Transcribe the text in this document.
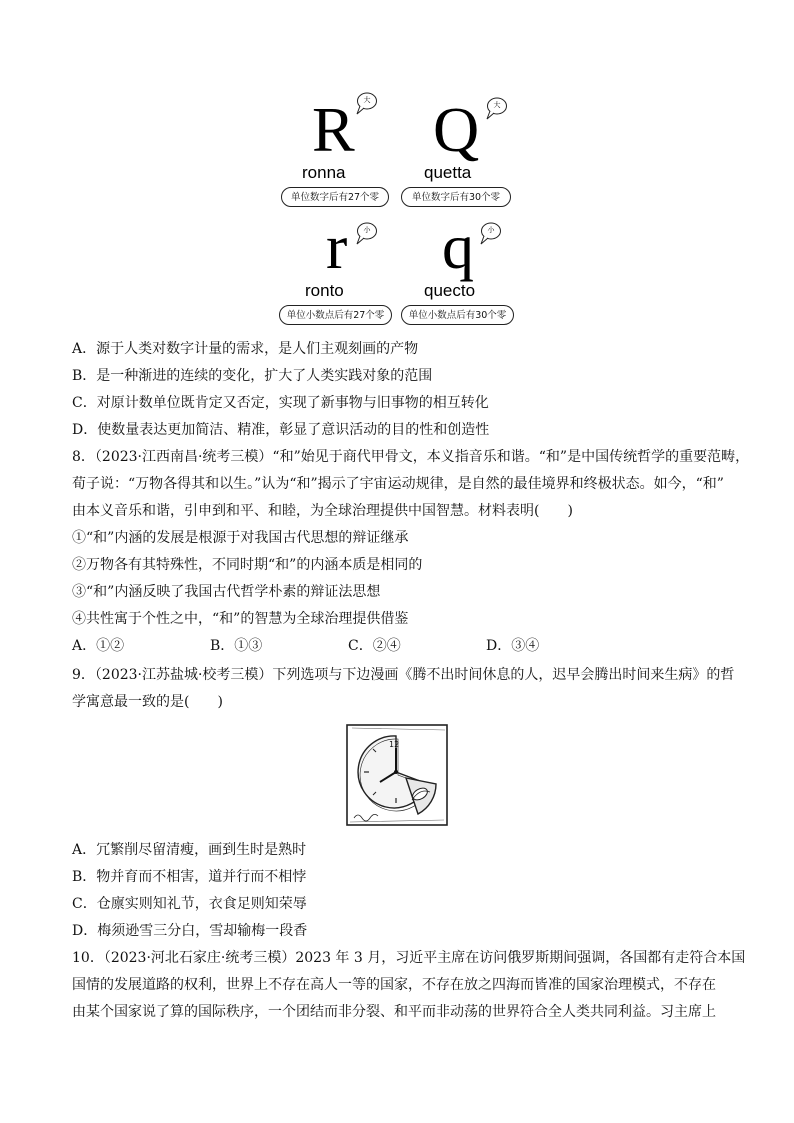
R	大
ronna
单位数字后有27个零
Q	大
quetta
单位数字后有30个零
r	小
ronto
单位小数点后有27个零
q	小
quecto
单位小数点后有30个零
A．源于人类对数字计量的需求，是人们主观刻画的产物
B．是一种渐进的连续的变化，扩大了人类实践对象的范围
C．对原计数单位既肯定又否定，实现了新事物与旧事物的相互转化
D．使数量表达更加简洁、精准，彰显了意识活动的目的性和创造性
8．（2023·江西南昌·统考三模）“和”始见于商代甲骨文，本义指音乐和谐。“和”是中国传统哲学的重要范畴，
荀子说：“万物各得其和以生。”认为“和”揭示了宇宙运动规律，是自然的最佳境界和终极状态。如今，“和”
由本义音乐和谐，引申到和平、和睦，为全球治理提供中国智慧。材料表明(　　)
①“和”内涵的发展是根源于对我国古代思想的辩证继承
②万物各有其特殊性，不同时期“和”的内涵本质是相同的
③“和”内涵反映了我国古代哲学朴素的辩证法思想
④共性寓于个性之中，“和”的智慧为全球治理提供借鉴
A．①②	B．①③	C．②④	D．③④
9．（2023·江苏盐城·校考三模）下列选项与下边漫画《腾不出时间休息的人，迟早会腾出时间来生病》的哲
学寓意最一致的是(　　)
12
A．冗繁削尽留清瘦，画到生时是熟时
B．物并育而不相害，道并行而不相悖
C．仓廪实则知礼节，衣食足则知荣辱
D．梅须逊雪三分白，雪却输梅一段香
10．（2023·河北石家庄·统考三模）2023 年 3 月，习近平主席在访问俄罗斯期间强调，各国都有走符合本国
国情的发展道路的权利，世界上不存在高人一等的国家，不存在放之四海而皆准的国家治理模式，不存在
由某个国家说了算的国际秩序，一个团结而非分裂、和平而非动荡的世界符合全人类共同利益。习主席上
